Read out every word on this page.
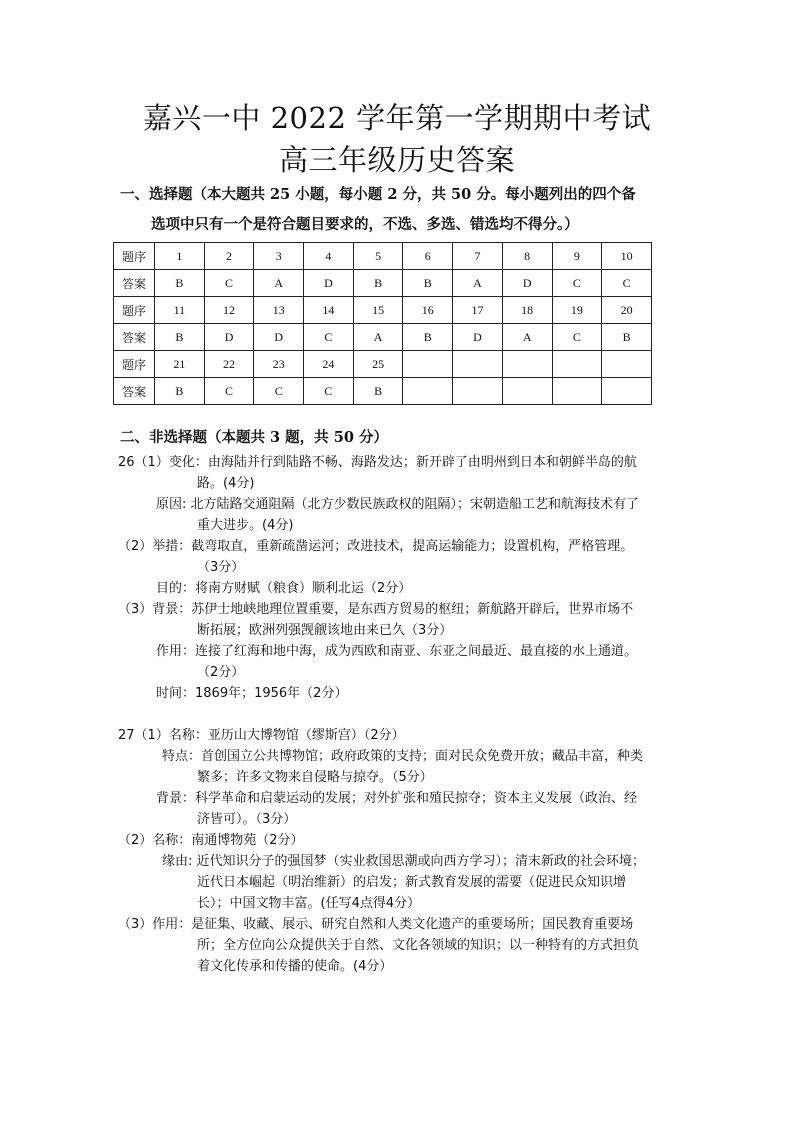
嘉兴一中 2022 学年第一学期期中考试
高三年级历史答案
一、选择题（本大题共 25 小题，每小题 2 分，共 50 分。每小题列出的四个备
选项中只有一个是符合题目要求的，不选、多选、错选均不得分。）
题序	1	2	3	4	5	6	7	8	9	10
答案	B	C	A	D	B	B	A	D	C	C
题序	11	12	13	14	15	16	17	18	19	20
答案	B	D	D	C	A	B	D	A	C	B
题序	21	22	23	24	25					
答案	B	C	C	C	B					
二、非选择题（本题共 3 题，共 50 分）
26（1）变化：由海陆并行到陆路不畅、海路发达；新开辟了由明州到日本和朝鲜半岛的航
路。(4分)
原因: 北方陆路交通阻隔（北方少数民族政权的阻隔）；宋朝造船工艺和航海技术有了
重大进步。(4分)
（2）举措：截弯取直，重新疏凿运河；改进技术，提高运输能力；设置机构，严格管理。
（3分）
目的：将南方财赋（粮食）顺利北运（2分）
（3）背景：苏伊士地峡地理位置重要，是东西方贸易的枢纽；新航路开辟后，世界市场不
断拓展；欧洲列强觊觎该地由来已久（3分）
作用：连接了红海和地中海，成为西欧和南亚、东亚之间最近、最直接的水上通道。
（2分）
时间：1869年；1956年（2分）
27（1）名称：亚历山大博物馆（缪斯宫）（2分）
特点：首创国立公共博物馆；政府政策的支持；面对民众免费开放；藏品丰富，种类
繁多；许多文物来自侵略与掠夺。（5分）
背景：科学革命和启蒙运动的发展；对外扩张和殖民掠夺；资本主义发展（政治、经
济皆可）。（3分）
（2）名称：南通博物苑（2分）
缘由: 近代知识分子的强国梦（实业救国思潮或向西方学习）；清末新政的社会环境；
近代日本崛起（明治维新）的启发；新式教育发展的需要（促进民众知识增
长）；中国文物丰富。(任写4点得4分）
（3）作用：是征集、收藏、展示、研究自然和人类文化遗产的重要场所；国民教育重要场
所；全方位向公众提供关于自然、文化各领域的知识；以一种特有的方式担负
着文化传承和传播的使命。(4分）
